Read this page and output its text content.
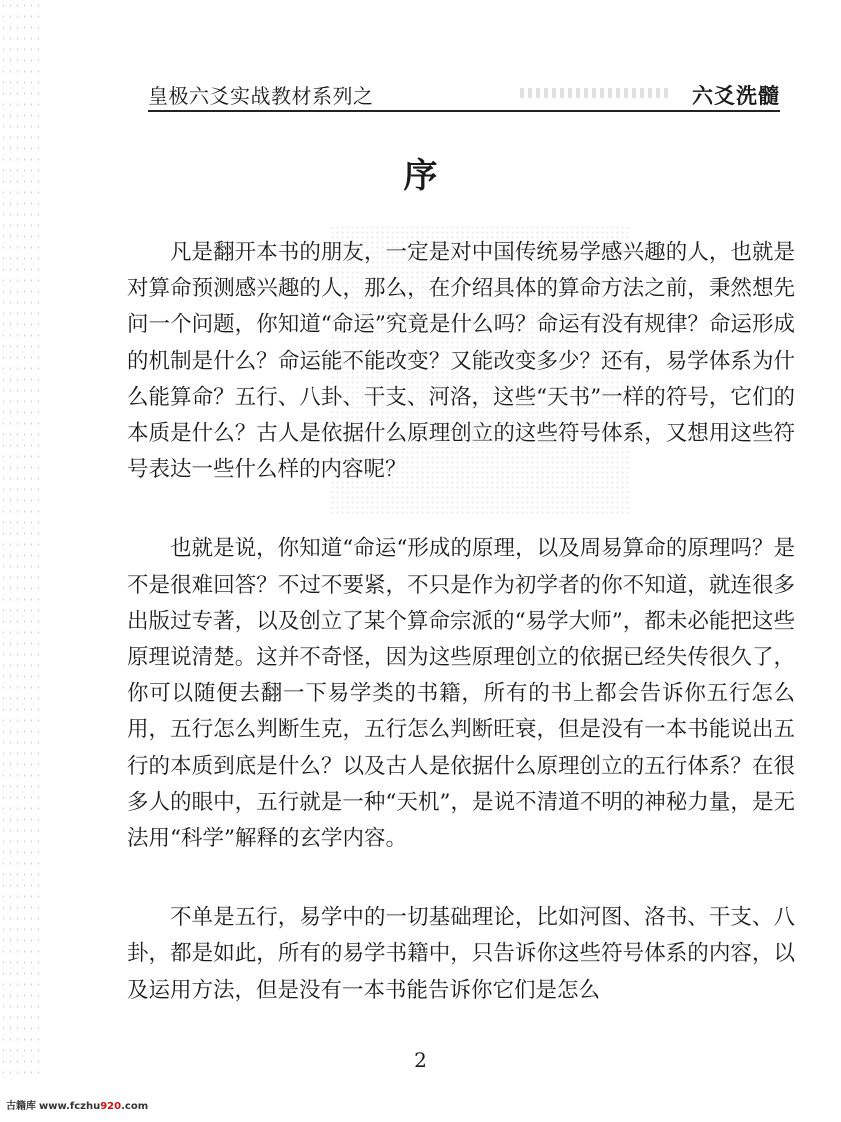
皇极六爻实战教材系列之	六爻洗髓
序

凡是翻开本书的朋友，一定是对中国传统易学感兴趣的人，也就是对算命预测感兴趣的人，那么，在介绍具体的算命方法之前，秉然想先问一个问题，你知道“命运”究竟是什么吗？命运有没有规律？命运形成的机制是什么？命运能不能改变？又能改变多少？还有，易学体系为什么能算命？五行、八卦、干支、河洛，这些“天书”一样的符号，它们的本质是什么？古人是依据什么原理创立的这些符号体系，又想用这些符号表达一些什么样的内容呢？

也就是说，你知道“命运“形成的原理，以及周易算命的原理吗？是不是很难回答？不过不要紧，不只是作为初学者的你不知道，就连很多出版过专著，以及创立了某个算命宗派的“易学大师”，都未必能把这些原理说清楚。这并不奇怪，因为这些原理创立的依据已经失传很久了，你可以随便去翻一下易学类的书籍，所有的书上都会告诉你五行怎么用，五行怎么判断生克，五行怎么判断旺衰，但是没有一本书能说出五行的本质到底是什么？以及古人是依据什么原理创立的五行体系？在很多人的眼中，五行就是一种“天机”，是说不清道不明的神秘力量，是无法用“科学”解释的玄学内容。

不单是五行，易学中的一切基础理论，比如河图、洛书、干支、八卦，都是如此，所有的易学书籍中，只告诉你这些符号体系的内容，以及运用方法，但是没有一本书能告诉你它们是怎么

2
古籍库 www.fczhu920.com
